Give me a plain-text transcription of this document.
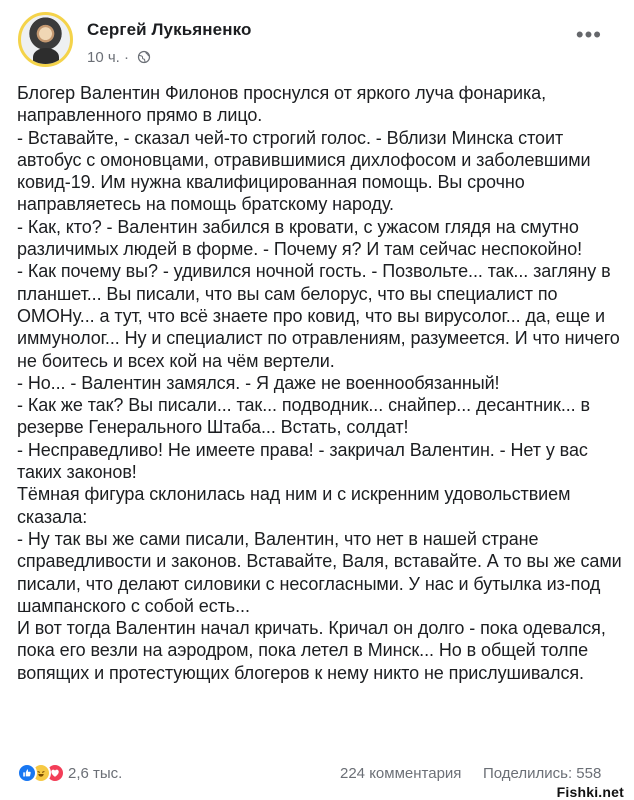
Сергей Лукьяненко
10 ч. ·
•••
Блогер Валентин Филонов проснулся от яркого луча фонарика, направленного прямо в лицо.
- Вставайте, - сказал чей-то строгий голос. - Вблизи Минска стоит автобус с омоновцами, отравившимися дихлофосом и заболевшими ковид-19. Им нужна квалифицированная помощь. Вы срочно направляетесь на помощь братскому народу.
- Как, кто? - Валентин забился в кровати, с ужасом глядя на смутно различимых людей в форме. - Почему я? И там сейчас неспокойно!
- Как почему вы? - удивился ночной гость. - Позвольте... так... загляну в планшет... Вы писали, что вы сам белорус, что вы специалист по ОМОНу... а тут, что всё знаете про ковид, что вы вирусолог... да, еще и иммунолог... Ну и специалист по отравлениям, разумеется. И что ничего не боитесь и всех кой на чём вертели.
- Но... - Валентин замялся. - Я даже не военнообязанный!
- Как же так? Вы писали... так... подводник... снайпер... десантник... в резерве Генерального Штаба... Встать, солдат!
- Несправедливо! Не имеете права! - закричал Валентин. - Нет у вас таких законов!
Тёмная фигура склонилась над ним и с искренним удовольствием сказала:
- Ну так вы же сами писали, Валентин, что нет в нашей стране справедливости и законов. Вставайте, Валя, вставайте. А то вы же сами писали, что делают силовики с несогласными. У нас и бутылка из-под шампанского с собой есть...
И вот тогда Валентин начал кричать. Кричал он долго - пока одевался, пока его везли на аэродром, пока летел в Минск... Но в общей толпе вопящих и протестующих блогеров к нему никто не прислушивался.
2,6 тыс.	224 комментария Поделились: 558
Fishki.net
